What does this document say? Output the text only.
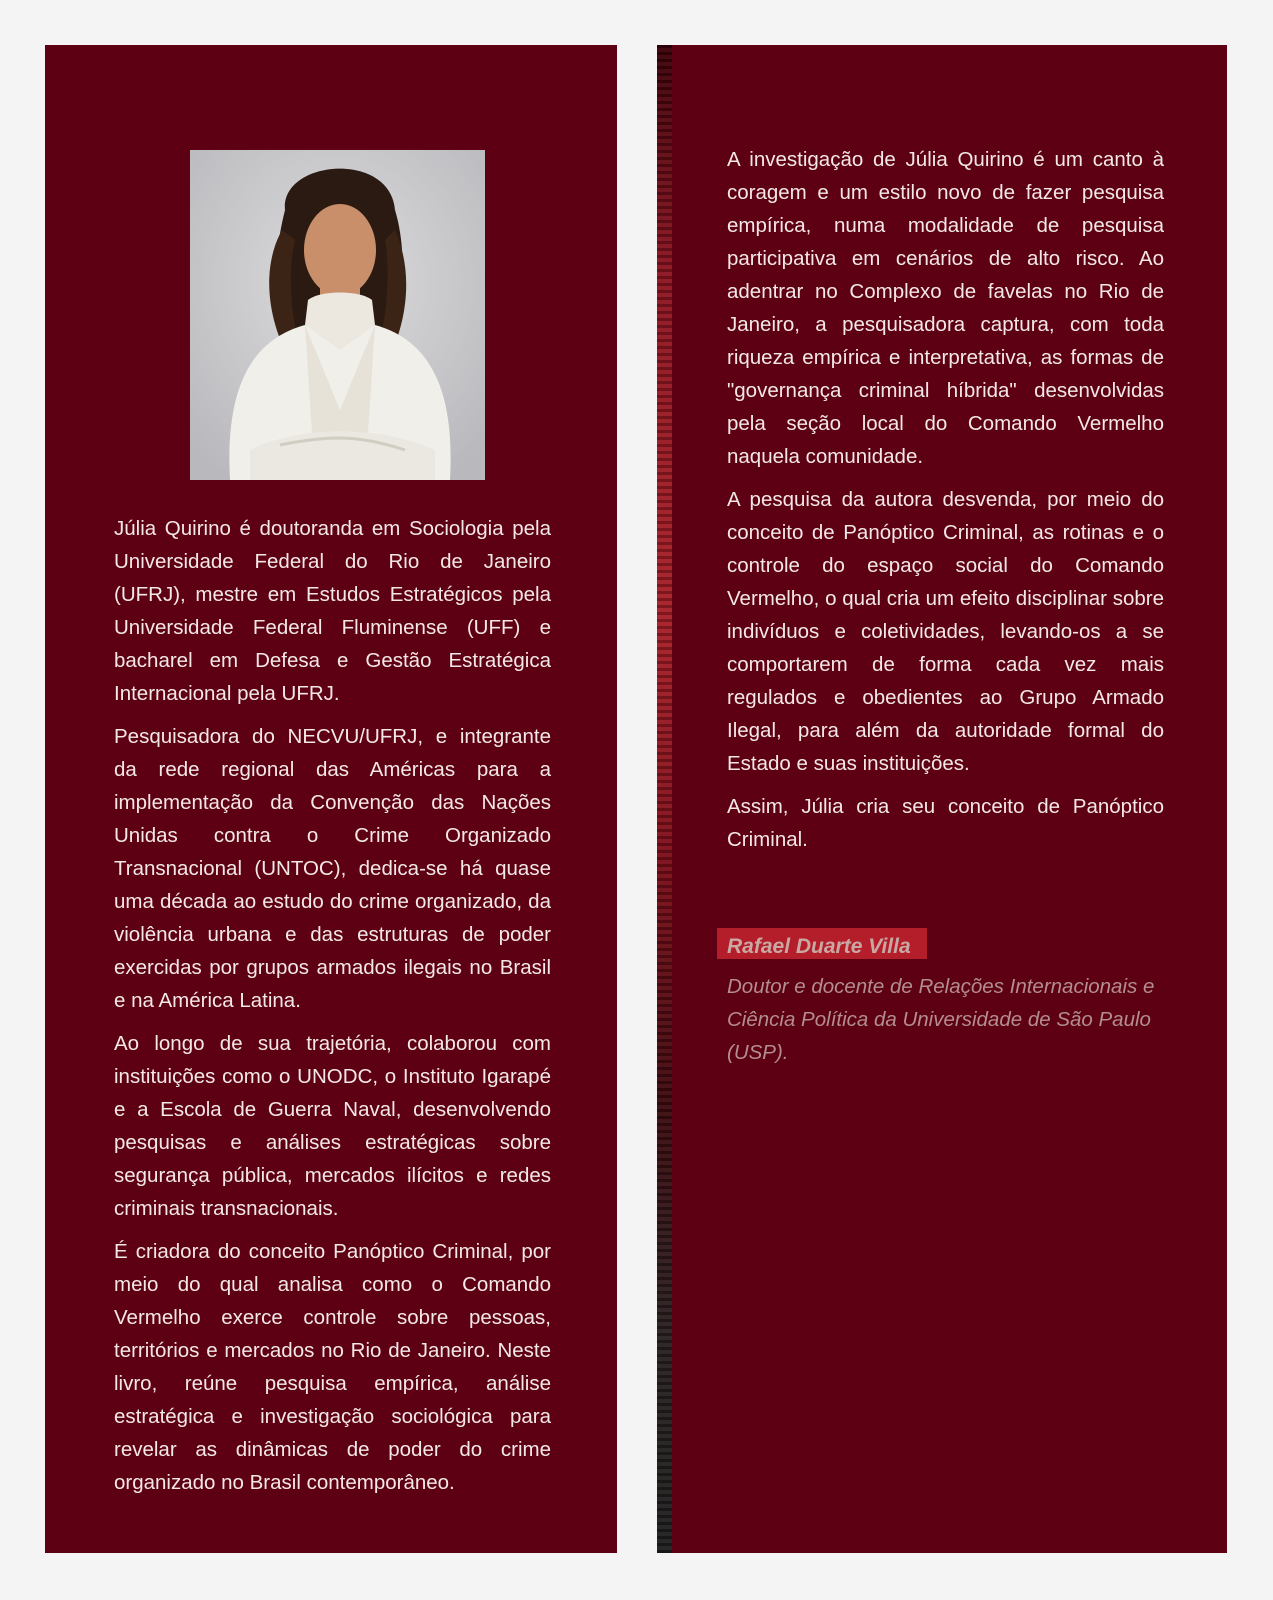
Júlia Quirino é doutoranda em Sociologia pela Universidade Federal do Rio de Janeiro (UFRJ), mestre em Estudos Estratégicos pela Universidade Federal Fluminense (UFF) e bacharel em Defesa e Gestão Estratégica Internacional pela UFRJ.

Pesquisadora do NECVU/UFRJ, e integrante da rede regional das Américas para a implementação da Convenção das Nações Unidas contra o Crime Organizado Transnacional (UNTOC), dedica-se há quase uma década ao estudo do crime organizado, da violência urbana e das estruturas de poder exercidas por grupos armados ilegais no Brasil e na América Latina.

Ao longo de sua trajetória, colaborou com instituições como o UNODC, o Instituto Igarapé e a Escola de Guerra Naval, desenvolvendo pesquisas e análises estratégicas sobre segurança pública, mercados ilícitos e redes criminais transnacionais.

É criadora do conceito Panóptico Criminal, por meio do qual analisa como o Comando Vermelho exerce controle sobre pessoas, territórios e mercados no Rio de Janeiro. Neste livro, reúne pesquisa empírica, análise estratégica e investigação sociológica para revelar as dinâmicas de poder do crime organizado no Brasil contemporâneo.

A investigação de Júlia Quirino é um canto à coragem e um estilo novo de fazer pesquisa empírica, numa modalidade de pesquisa participativa em cenários de alto risco. Ao adentrar no Complexo de favelas no Rio de Janeiro, a pesquisadora captura, com toda riqueza empírica e interpretativa, as formas de "governança criminal híbrida" desenvolvidas pela seção local do Comando Vermelho naquela comunidade.

A pesquisa da autora desvenda, por meio do conceito de Panóptico Criminal, as rotinas e o controle do espaço social do Comando Vermelho, o qual cria um efeito disciplinar sobre indivíduos e coletividades, levando-os a se comportarem de forma cada vez mais regulados e obedientes ao Grupo Armado Ilegal, para além da autoridade formal do Estado e suas instituições.

Assim, Júlia cria seu conceito de Panóptico Criminal.

Rafael Duarte Villa
Doutor e docente de Relações Internacionais e Ciência Política da Universidade de São Paulo (USP).
